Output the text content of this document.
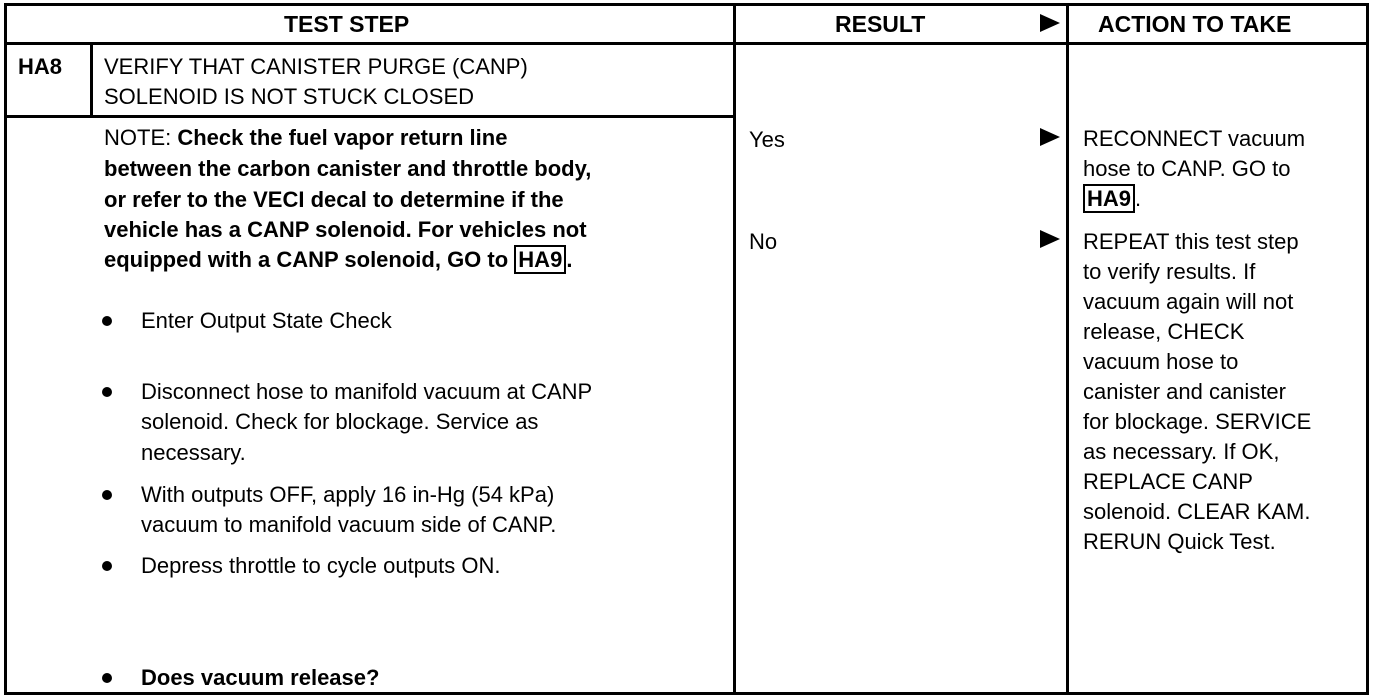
TEST STEP	RESULT	ACTION TO TAKE
HA8 VERIFY THAT CANISTER PURGE (CANP)
SOLENOID IS NOT STUCK CLOSED
NOTE: Check the fuel vapor return line
between the carbon canister and throttle body,
or refer to the VECI decal to determine if the
vehicle has a CANP solenoid. For vehicles not
equipped with a CANP solenoid, GO to HA9 .
Enter Output State Check
Disconnect hose to manifold vacuum at CANP
solenoid. Check for blockage. Service as
necessary.
With outputs OFF, apply 16 in-Hg (54 kPa)
vacuum to manifold vacuum side of CANP.
Depress throttle to cycle outputs ON.
Does vacuum release?
Yes
No
RECONNECT vacuum
hose to CANP. GO to
HA9 .
REPEAT this test step
to verify results. If
vacuum again will not
release, CHECK
vacuum hose to
canister and canister
for blockage. SERVICE
as necessary. If OK,
REPLACE CANP
solenoid. CLEAR KAM.
RERUN Quick Test.
